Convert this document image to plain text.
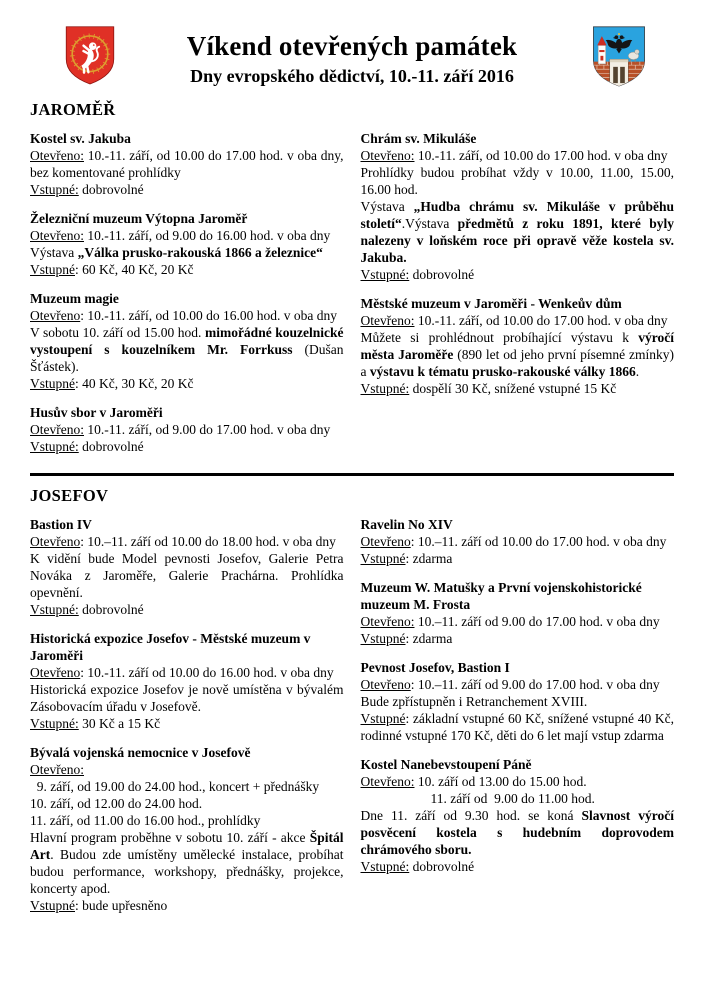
Víkend otevřených památek
Dny evropského dědictví, 10.-11. září 2016
JAROMĚŘ
Kostel sv. Jakuba

Otevřeno: 10.-11. září, od 10.00 do 17.00 hod. v oba dny, bez komentované prohlídky

Vstupné: dobrovolné

Železniční muzeum Výtopna Jaroměř

Otevřeno: 10.-11. září, od 9.00 do 16.00 hod. v oba dny

Výstava „Válka prusko-rakouská 1866 a železnice“

Vstupné: 60 Kč, 40 Kč, 20 Kč

Muzeum magie

Otevřeno: 10.-11. září, od 10.00 do 16.00 hod. v oba dny

V sobotu 10. září od 15.00 hod. mimořádné kouzelnické vystoupení s kouzelníkem Mr. Forrkuss (Dušan Šťástek).

Vstupné: 40 Kč, 30 Kč, 20 Kč

Husův sbor v Jaroměři

Otevřeno: 10.-11. září, od 9.00 do 17.00 hod. v oba dny

Vstupné: dobrovolné

Chrám sv. Mikuláše

Otevřeno: 10.-11. září, od 10.00 do 17.00 hod. v oba dny

Prohlídky budou probíhat vždy v 10.00, 11.00, 15.00, 16.00 hod.

Výstava „Hudba chrámu sv. Mikuláše v průběhu století“.Výstava předmětů z roku 1891, které byly nalezeny v loňském roce při opravě věže kostela sv. Jakuba.

Vstupné: dobrovolné

Městské muzeum v Jaroměři - Wenkeův dům

Otevřeno: 10.-11. září, od 10.00 do 17.00 hod. v oba dny

Můžete si prohlédnout probíhající výstavu k výročí města Jaroměře (890 let od jeho první písemné zmínky) a výstavu k tématu prusko-rakouské války 1866.

Vstupné: dospělí 30 Kč, snížené vstupné 15 Kč

JOSEFOV
Bastion IV

Otevřeno: 10.–11. září od 10.00 do 18.00 hod. v oba dny

K vidění bude Model pevnosti Josefov, Galerie Petra Nováka z Jaroměře, Galerie Prachárna. Prohlídka opevnění.

Vstupné: dobrovolné

Historická expozice Josefov - Městské muzeum v Jaroměři

Otevřeno: 10.-11. září od 10.00 do 16.00 hod. v oba dny

Historická expozice Josefov je nově umístěna v bývalém Zásobovacím úřadu v Josefově.

Vstupné: 30 Kč a 15 Kč

Bývalá vojenská nemocnice v Josefově

Otevřeno:

9. září, od 19.00 do 24.00 hod., koncert + přednášky

10. září, od 12.00 do 24.00 hod.

11. září, od 11.00 do 16.00 hod., prohlídky

Hlavní program proběhne v sobotu 10. září - akce Špitál Art. Budou zde umístěny umělecké instalace, probíhat budou performance, workshopy, přednášky, projekce, koncerty apod.

Vstupné: bude upřesněno

Ravelin No XIV

Otevřeno: 10.–11. září od 10.00 do 17.00 hod. v oba dny

Vstupné: zdarma

Muzeum W. Matušky a První vojenskohistorické muzeum M. Frosta

Otevřeno: 10.–11. září od 9.00 do 17.00 hod. v oba dny

Vstupné: zdarma

Pevnost Josefov, Bastion I

Otevřeno: 10.–11. září od 9.00 do 17.00 hod. v oba dny

Bude zpřístupněn i Retranchement XVIII.

Vstupné: základní vstupné 60 Kč, snížené vstupné 40 Kč, rodinné vstupné 170 Kč, děti do 6 let mají vstup zdarma

Kostel Nanebevstoupení Páně

Otevřeno: 10. září od 13.00 do 15.00 hod.

11. září od  9.00 do 11.00 hod.

Dne 11. září od 9.30 hod. se koná Slavnost výročí posvěcení kostela s hudebním doprovodem chrámového sboru.

Vstupné: dobrovolné
